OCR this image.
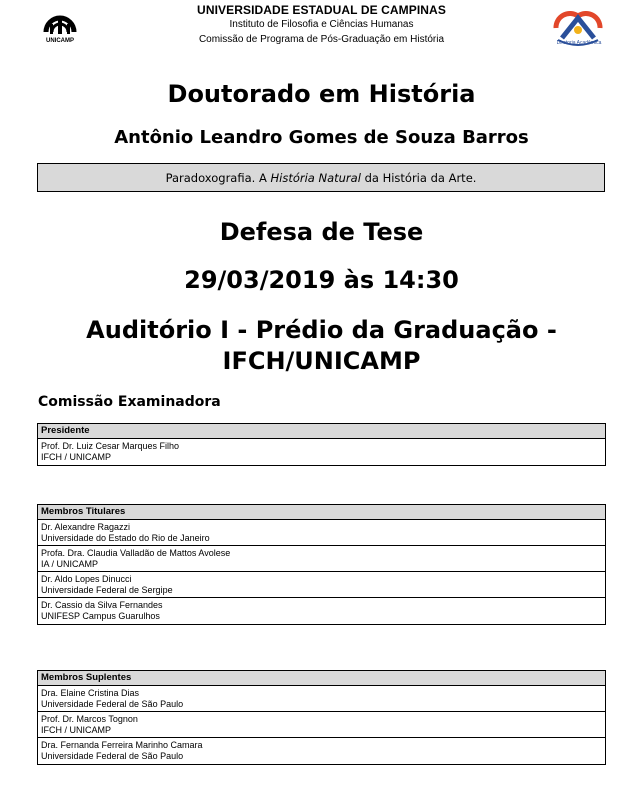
UNICAMP
UNIVERSIDADE ESTADUAL DE CAMPINAS
Instituto de Filosofia e Ciências Humanas
Comissão de Programa de Pós-Graduação em História	Diretoria Acadêmica
Doutorado em História
Antônio Leandro Gomes de Souza Barros
Paradoxografia. A História Natural da História da Arte.
Defesa de Tese
29/03/2019 às 14:30
Auditório I - Prédio da Graduação -
IFCH/UNICAMP
Comissão Examinadora
Presidente
Prof. Dr. Luiz Cesar Marques Filho
IFCH / UNICAMP
Membros Titulares
Dr. Alexandre Ragazzi
Universidade do Estado do Rio de Janeiro
Profa. Dra. Claudia Valladão de Mattos Avolese
IA / UNICAMP
Dr. Aldo Lopes Dinucci
Universidade Federal de Sergipe
Dr. Cassio da Silva Fernandes
UNIFESP Campus Guarulhos
Membros Suplentes
Dra. Elaine Cristina Dias
Universidade Federal de São Paulo
Prof. Dr. Marcos Tognon
IFCH / UNICAMP
Dra. Fernanda Ferreira Marinho Camara
Universidade Federal de São Paulo
